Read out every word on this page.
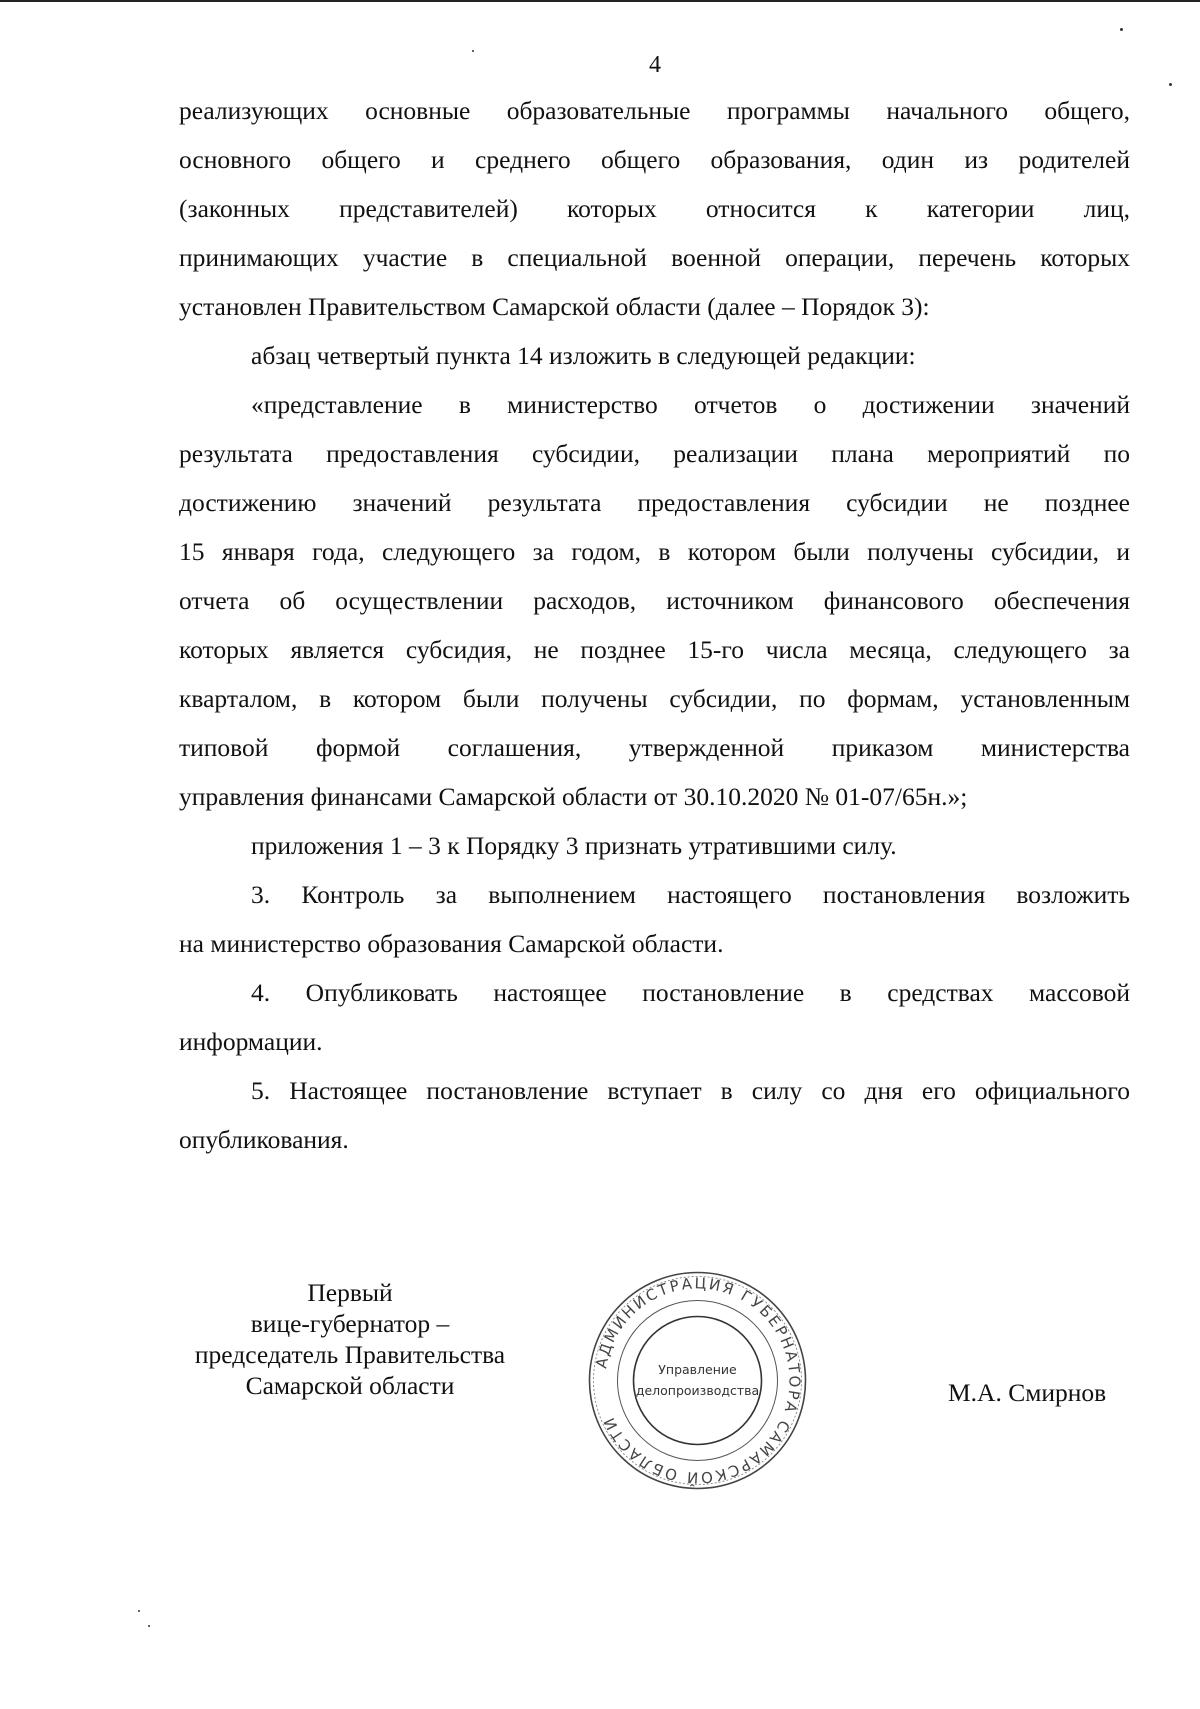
4

реализующих основные образовательные программы начального общего,

основного общего и среднего общего образования, один из родителей

(законных представителей) которых относится к категории лиц,

принимающих участие в специальной военной операции, перечень которых

установлен Правительством Самарской области (далее – Порядок 3):

абзац четвертый пункта 14 изложить в следующей редакции:

«представление в министерство отчетов о достижении значений

результата предоставления субсидии, реализации плана мероприятий по

достижению значений результата предоставления субсидии не позднее

15 января года, следующего за годом, в котором были получены субсидии, и

отчета об осуществлении расходов, источником финансового обеспечения

которых является субсидия, не позднее 15-го числа месяца, следующего за

кварталом, в котором были получены субсидии, по формам, установленным

типовой формой соглашения, утвержденной приказом министерства

управления финансами Самарской области от 30.10.2020 № 01-07/65н.»;

приложения 1 – 3 к Порядку 3 признать утратившими силу.

3. Контроль за выполнением настоящего постановления возложить

на министерство образования Самарской области.

4. Опубликовать настоящее постановление в средствах массовой

информации.

5. Настоящее постановление вступает в силу со дня его официального

опубликования.

Первый
вице-губернатор –
председатель Правительства
Самарской области
АДМИНИСТРАЦИЯ ГУБЕРНАТОРА САМАРСКОЙ ОБЛАСТИ
Управление
делопроизводства	М.А. Смирнов
